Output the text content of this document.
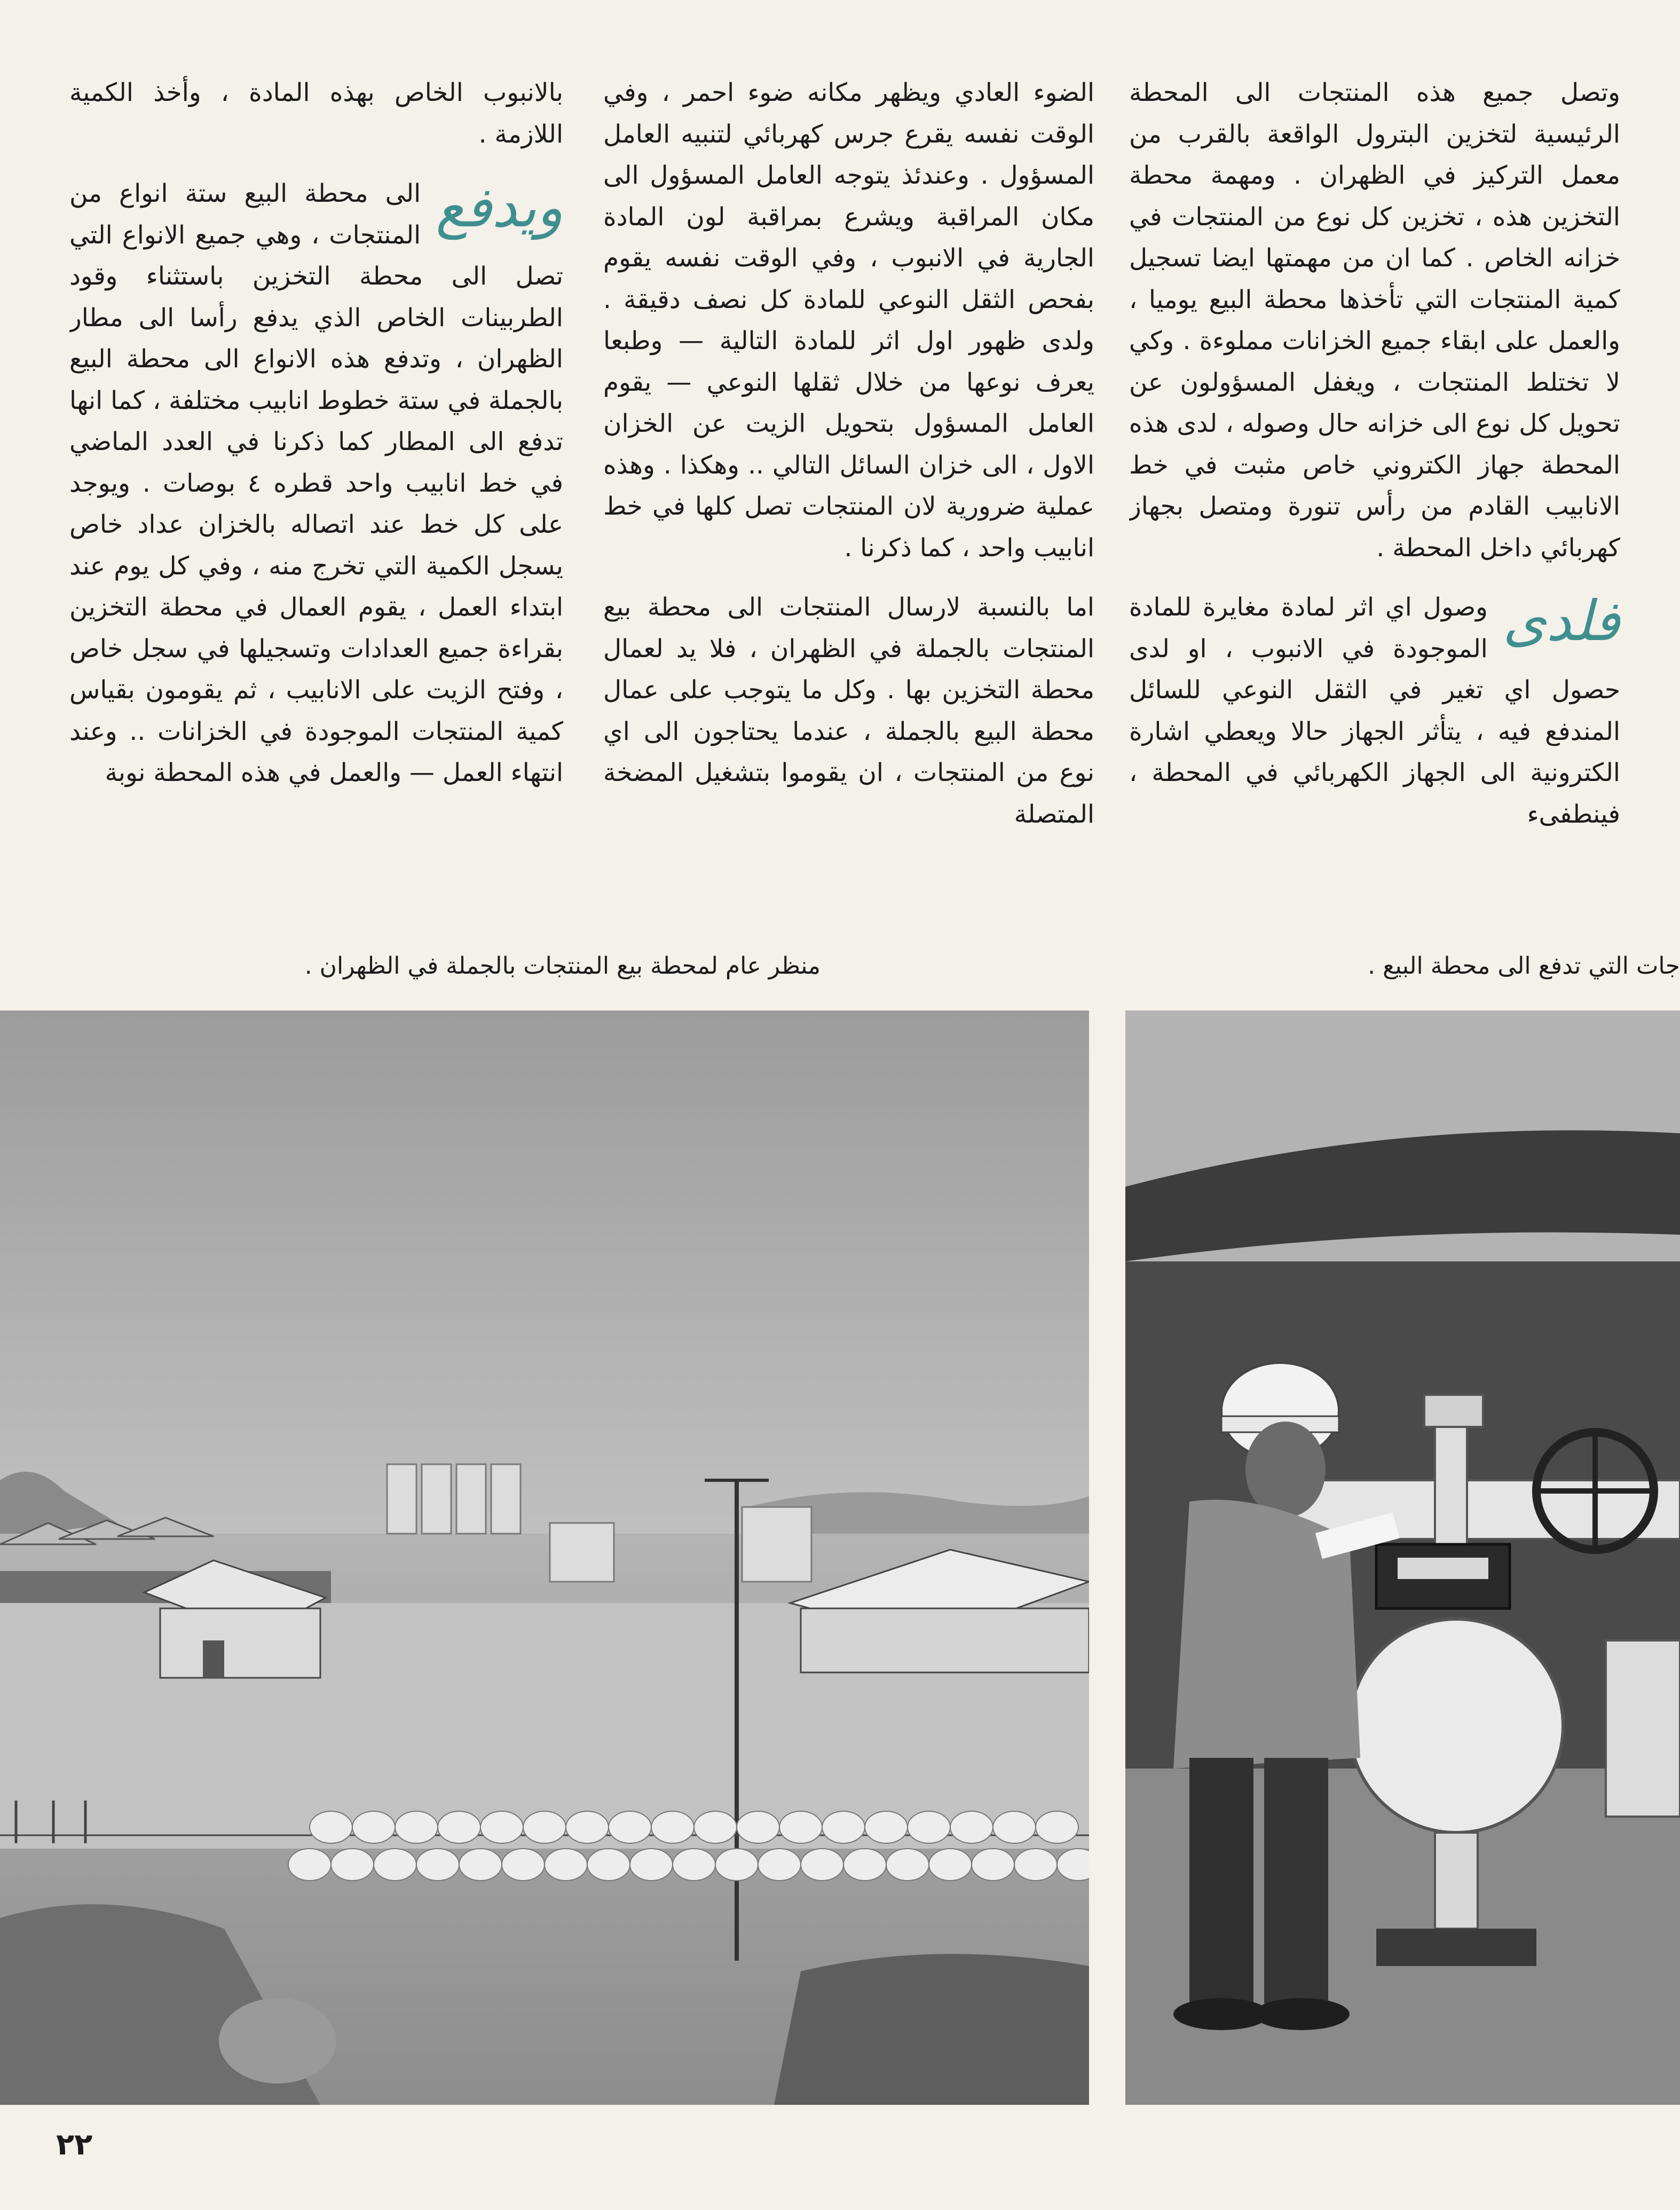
وتصل جميع هذه المنتجات الى المحطة الرئيسية لتخزين البترول الواقعة بالقرب من معمل التركيز في الظهران . ومهمة محطة التخزين هذه ، تخزين كل نوع من المنتجات في خزانه الخاص . كما ان من مهمتها ايضا تسجيل كمية المنتجات التي تأخذها محطة البيع يوميا ، والعمل على ابقاء جميع الخزانات مملوءة . وكي لا تختلط المنتجات ، ويغفل المسؤولون عن تحويل كل نوع الى خزانه حال وصوله ، لدى هذه المحطة جهاز الكتروني خاص مثبت في خط الانابيب القادم من رأس تنورة ومتصل بجهاز كهربائي داخل المحطة .

فلدى
وصول اي اثر لمادة مغايرة للمادة الموجودة في الانبوب ، او لدى حصول اي تغير في الثقل النوعي للسائل المندفع فيه ، يتأثر الجهاز حالا ويعطي اشارة الكترونية الى الجهاز الكهربائي في المحطة ، فينطفىء

الضوء العادي ويظهر مكانه ضوء احمر ، وفي الوقت نفسه يقرع جرس كهربائي لتنبيه العامل المسؤول . وعندئذ يتوجه العامل المسؤول الى مكان المراقبة ويشرع بمراقبة لون المادة الجارية في الانبوب ، وفي الوقت نفسه يقوم بفحص الثقل النوعي للمادة كل نصف دقيقة . ولدى ظهور اول اثر للمادة التالية — وطبعا يعرف نوعها من خلال ثقلها النوعي — يقوم العامل المسؤول بتحويل الزيت عن الخزان الاول ، الى خزان السائل التالي .. وهكذا . وهذه عملية ضرورية لان المنتجات تصل كلها في خط انابيب واحد ، كما ذكرنا .

اما بالنسبة لارسال المنتجات الى محطة بيع المنتجات بالجملة في الظهران ، فلا يد لعمال محطة التخزين بها . وكل ما يتوجب على عمال محطة البيع بالجملة ، عندما يحتاجون الى اي نوع من المنتجات ، ان يقوموا بتشغيل المضخة المتصلة

بالانبوب الخاص بهذه المادة ، وأخذ الكمية اللازمة .

ويدفع
الى محطة البيع ستة انواع من المنتجات ، وهي جميع الانواع التي تصل الى محطة التخزين باستثناء وقود الطربينات الخاص الذي يدفع رأسا الى مطار الظهران ، وتدفع هذه الانواع الى محطة البيع بالجملة في ستة خطوط انابيب مختلفة ، كما انها تدفع الى المطار كما ذكرنا في العدد الماضي في خط انابيب واحد قطره ٤ بوصات . ويوجد على كل خط عند اتصاله بالخزان عداد خاص يسجل الكمية التي تخرج منه ، وفي كل يوم عند ابتداء العمل ، يقوم العمال في محطة التخزين بقراءة جميع العدادات وتسجيلها في سجل خاص ، وفتح الزيت على الانابيب ، ثم يقومون بقياس كمية المنتجات الموجودة في الخزانات .. وعند انتهاء العمل — والعمل في هذه المحطة نوبة

منظر عام لمحطة بيع المنتجات بالجملة في الظهران .	جات التي تدفع الى محطة البيع .
٢٢
